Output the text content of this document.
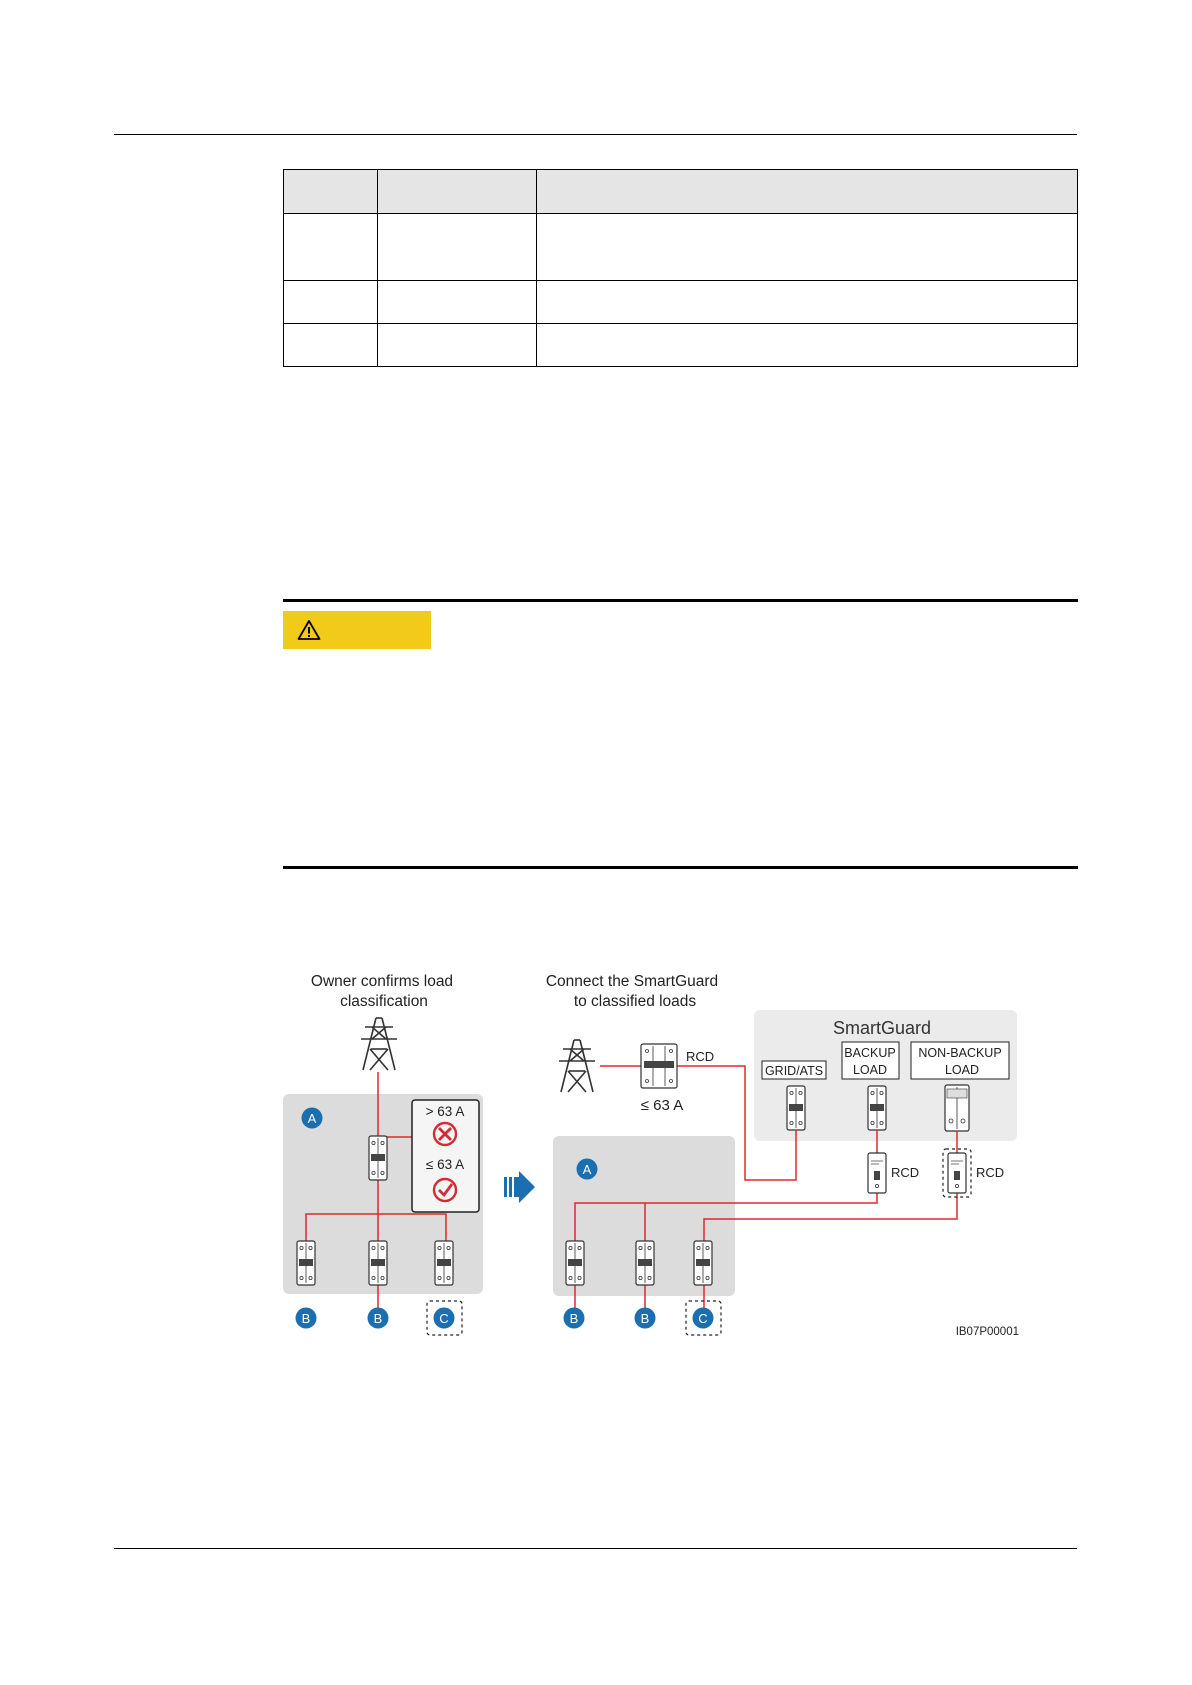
Owner confirms load
classification
A	> 63 A
≤ 63 A
B	B	C
Connect the SmartGuard
to classified loads
SmartGuard
GRID/ATS
BACKUP
LOAD
NON-BACKUP
LOAD
RCD
≤ 63 A
RCD	RCD
A
B	B	C
IB07P00001
